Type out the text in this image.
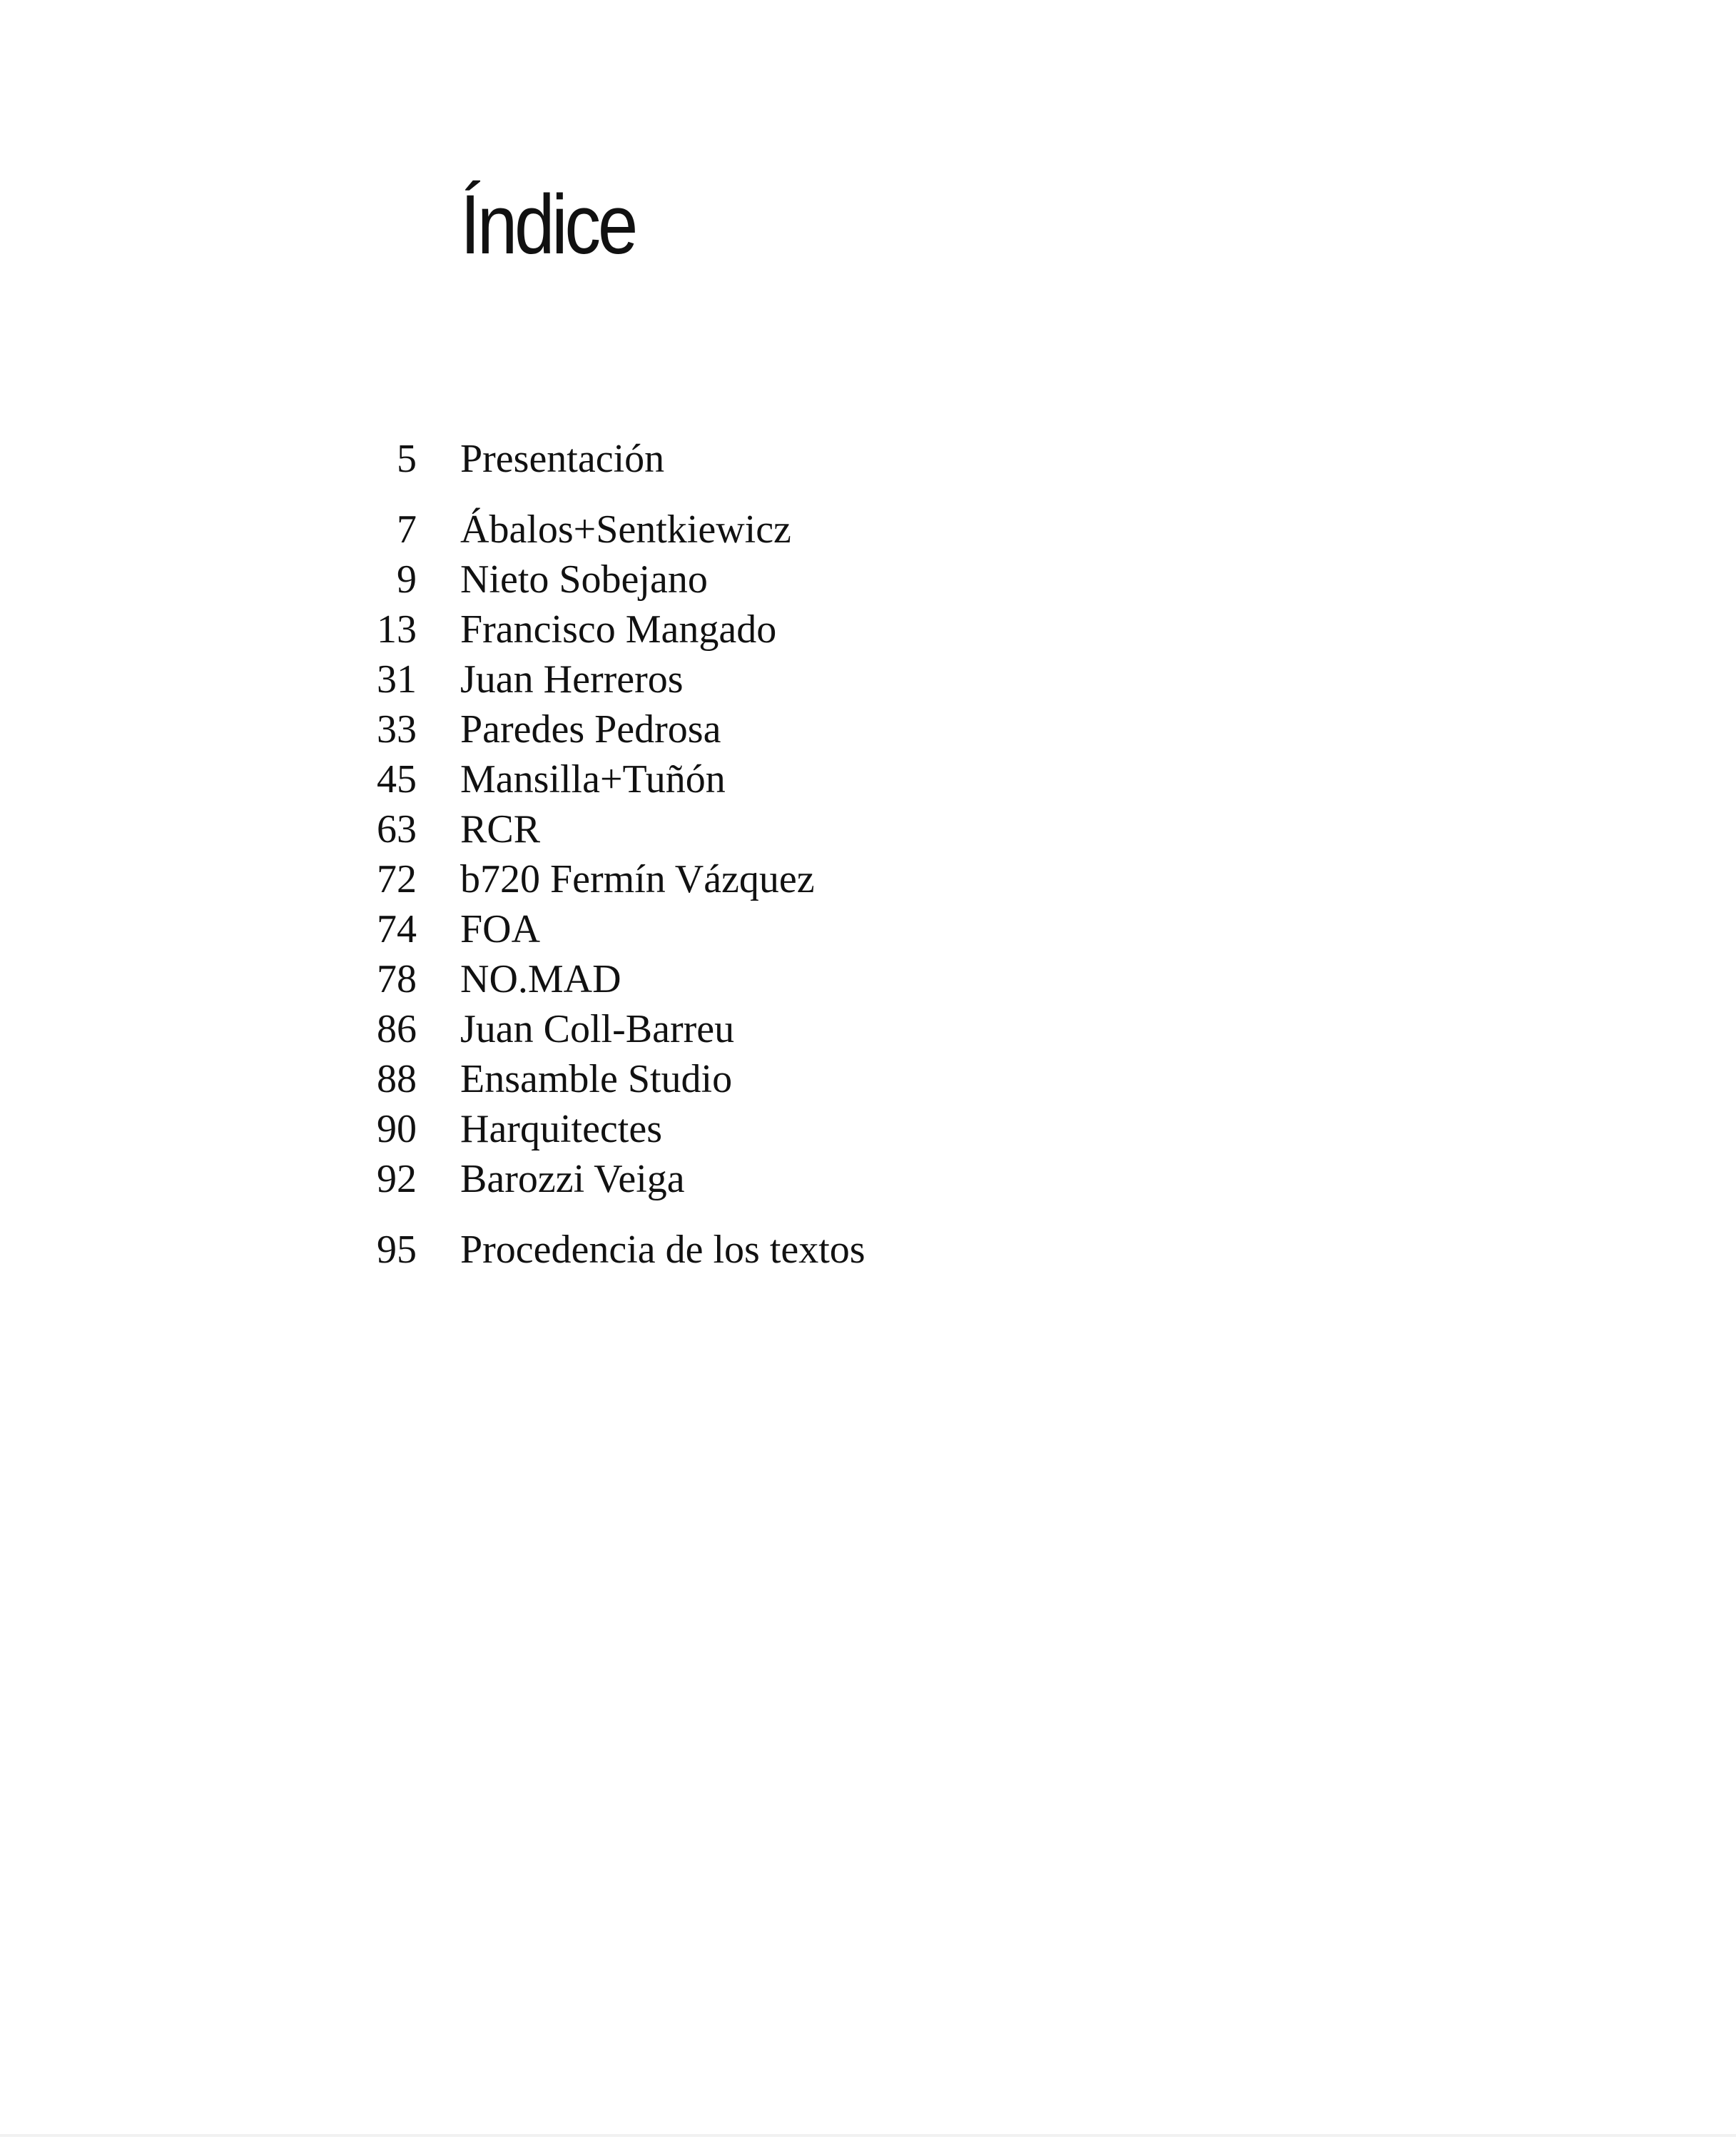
Índice
5 Presentación
7 Ábalos+Sentkiewicz
9 Nieto Sobejano
13 Francisco Mangado
31 Juan Herreros
33 Paredes Pedrosa
45 Mansilla+Tuñón
63 RCR
72 b720 Fermín Vázquez
74 FOA
78 NO.MAD
86 Juan Coll-Barreu
88 Ensamble Studio
90 Harquitectes
92 Barozzi Veiga
95 Procedencia de los textos
